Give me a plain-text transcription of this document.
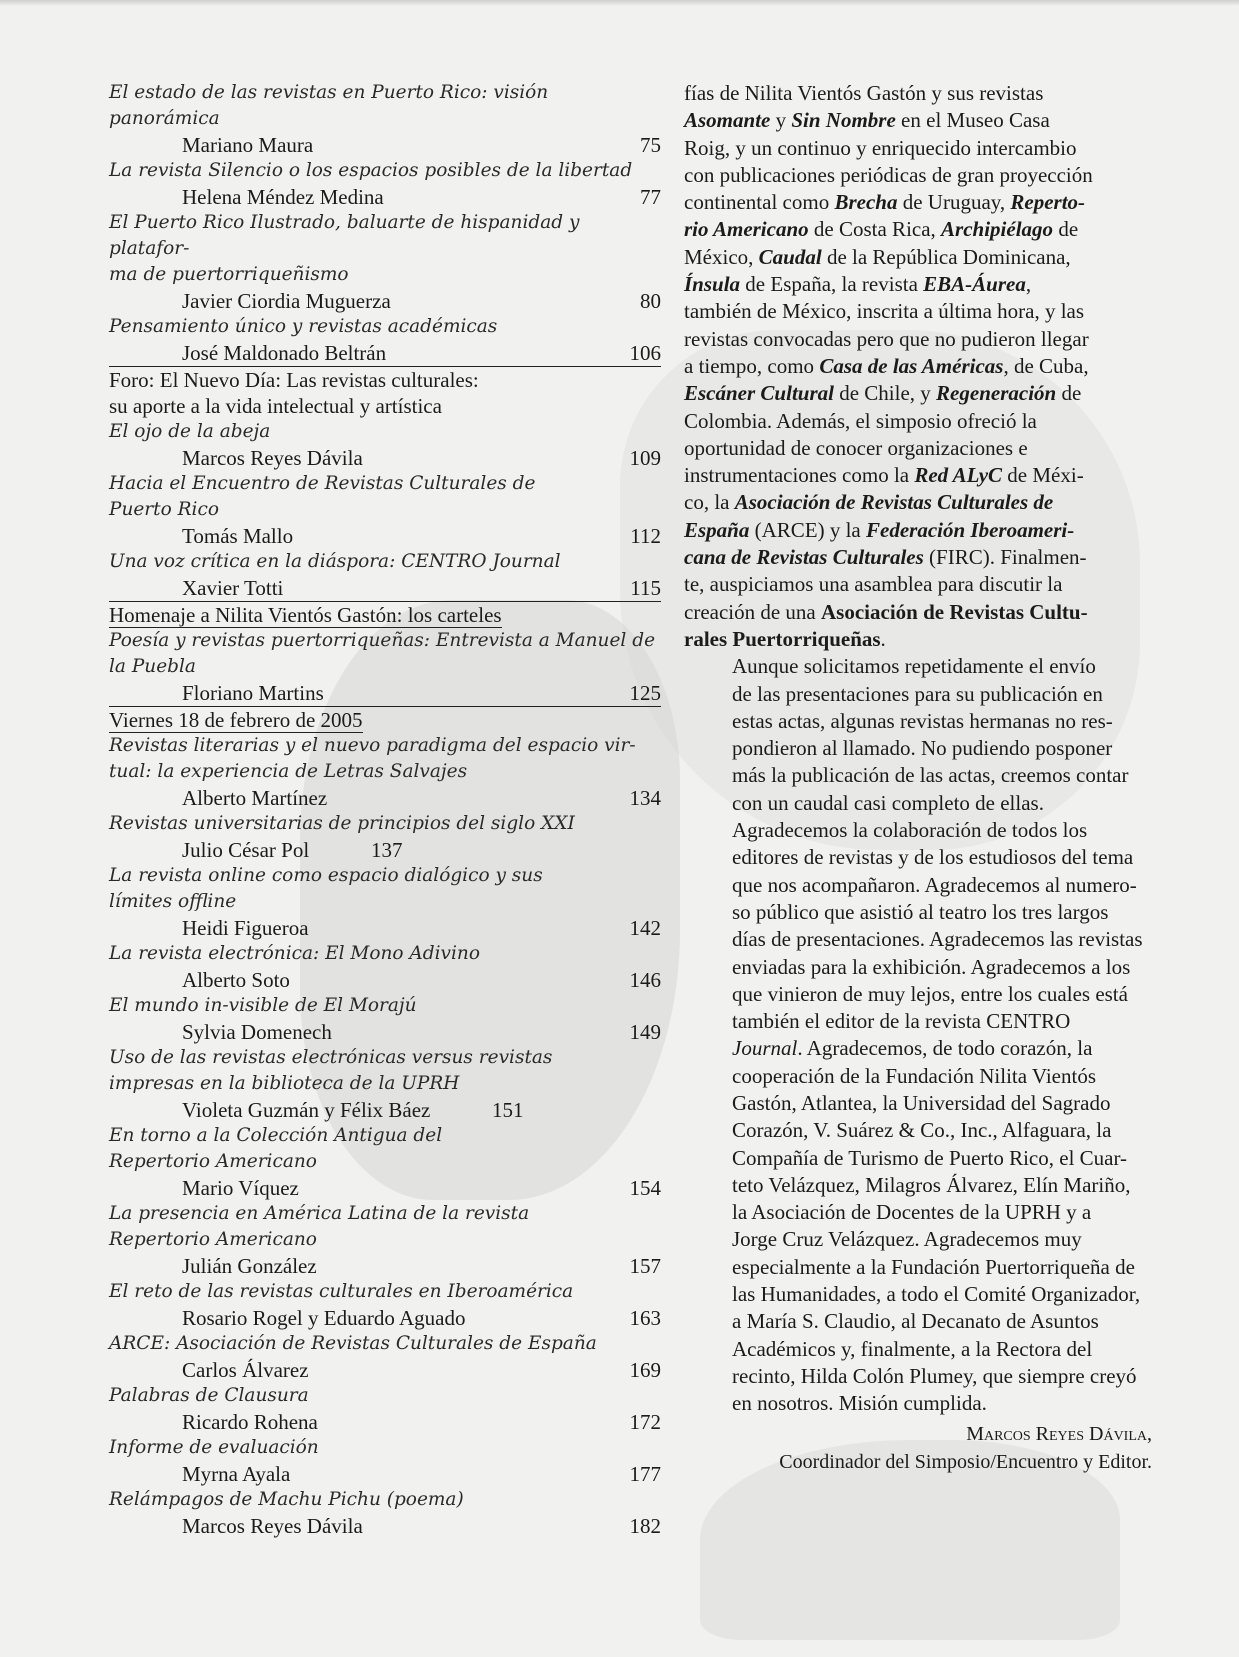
El estado de las revistas en Puerto Rico: visión
panorámica
Mariano Maura	75
La revista Silencio o los espacios posibles de la libertad
Helena Méndez Medina	77
El Puerto Rico Ilustrado, baluarte de hispanidad y platafor-
ma de puertorriqueñismo
Javier Ciordia Muguerza	80
Pensamiento único y revistas académicas
José Maldonado Beltrán	106
Foro: El Nuevo Día: Las revistas culturales:
su aporte a la vida intelectual y artística
El ojo de la abeja
Marcos Reyes Dávila	109
Hacia el Encuentro de Revistas Culturales de
Puerto Rico
Tomás Mallo	112
Una voz crítica en la diáspora: CENTRO Journal
Xavier Totti	115
Homenaje a Nilita Vientós Gastón: los carteles
Poesía y revistas puertorriqueñas: Entrevista a Manuel de
la Puebla
Floriano Martins	125
Viernes 18 de febrero de 2005
Revistas literarias y el nuevo paradigma del espacio vir-
tual: la experiencia de Letras Salvajes
Alberto Martínez	134
Revistas universitarias de principios del siglo XXI
Julio César Pol	137
La revista online como espacio dialógico y sus
límites offline
Heidi Figueroa	142
La revista electrónica: El Mono Adivino
Alberto Soto	146
El mundo in-visible de El Morajú
Sylvia Domenech	149
Uso de las revistas electrónicas versus revistas
impresas en la biblioteca de la UPRH
Violeta Guzmán y Félix Báez	151
En torno a la Colección Antigua del
Repertorio Americano
Mario Víquez	154
La presencia en América Latina de la revista
Repertorio Americano
Julián González	157
El reto de las revistas culturales en Iberoamérica
Rosario Rogel y Eduardo Aguado	163
ARCE: Asociación de Revistas Culturales de España
Carlos Álvarez	169
Palabras de Clausura
Ricardo Rohena	172
Informe de evaluación
Myrna Ayala	177
Relámpagos de Machu Pichu (poema)
Marcos Reyes Dávila	182

fías de Nilita Vientós Gastón y sus revistas
Asomante y Sin Nombre en el Museo Casa
Roig, y un continuo y enriquecido intercambio
con publicaciones periódicas de gran proyección
continental como Brecha de Uruguay, Reperto-
rio Americano de Costa Rica, Archipiélago de
México, Caudal de la República Dominicana,
Ínsula de España, la revista EBA-Áurea,
también de México, inscrita a última hora, y las
revistas convocadas pero que no pudieron llegar
a tiempo, como Casa de las Américas, de Cuba,
Escáner Cultural de Chile, y Regeneración de
Colombia. Además, el simposio ofreció la
oportunidad de conocer organizaciones e
instrumentaciones como la Red ALyC de Méxi-
co, la Asociación de Revistas Culturales de
España (ARCE) y la Federación Iberoameri-
cana de Revistas Culturales (FIRC). Finalmen-
te, auspiciamos una asamblea para discutir la
creación de una Asociación de Revistas Cultu-
rales Puertorriqueñas.

Aunque solicitamos repetidamente el envío
de las presentaciones para su publicación en
estas actas, algunas revistas hermanas no res-
pondieron al llamado. No pudiendo posponer
más la publicación de las actas, creemos contar
con un caudal casi completo de ellas.

Agradecemos la colaboración de todos los
editores de revistas y de los estudiosos del tema
que nos acompañaron. Agradecemos al numero-
so público que asistió al teatro los tres largos
días de presentaciones. Agradecemos las revistas
enviadas para la exhibición. Agradecemos a los
que vinieron de muy lejos, entre los cuales está
también el editor de la revista CENTRO
Journal. Agradecemos, de todo corazón, la
cooperación de la Fundación Nilita Vientós
Gastón, Atlantea, la Universidad del Sagrado
Corazón, V. Suárez & Co., Inc., Alfaguara, la
Compañía de Turismo de Puerto Rico, el Cuar-
teto Velázquez, Milagros Álvarez, Elín Mariño,
la Asociación de Docentes de la UPRH y a
Jorge Cruz Velázquez. Agradecemos muy
especialmente a la Fundación Puertorriqueña de
las Humanidades, a todo el Comité Organizador,
a María S. Claudio, al Decanato de Asuntos
Académicos y, finalmente, a la Rectora del
recinto, Hilda Colón Plumey, que siempre creyó
en nosotros. Misión cumplida.

Marcos Reyes Dávila,
Coordinador del Simposio/Encuentro y Editor.
